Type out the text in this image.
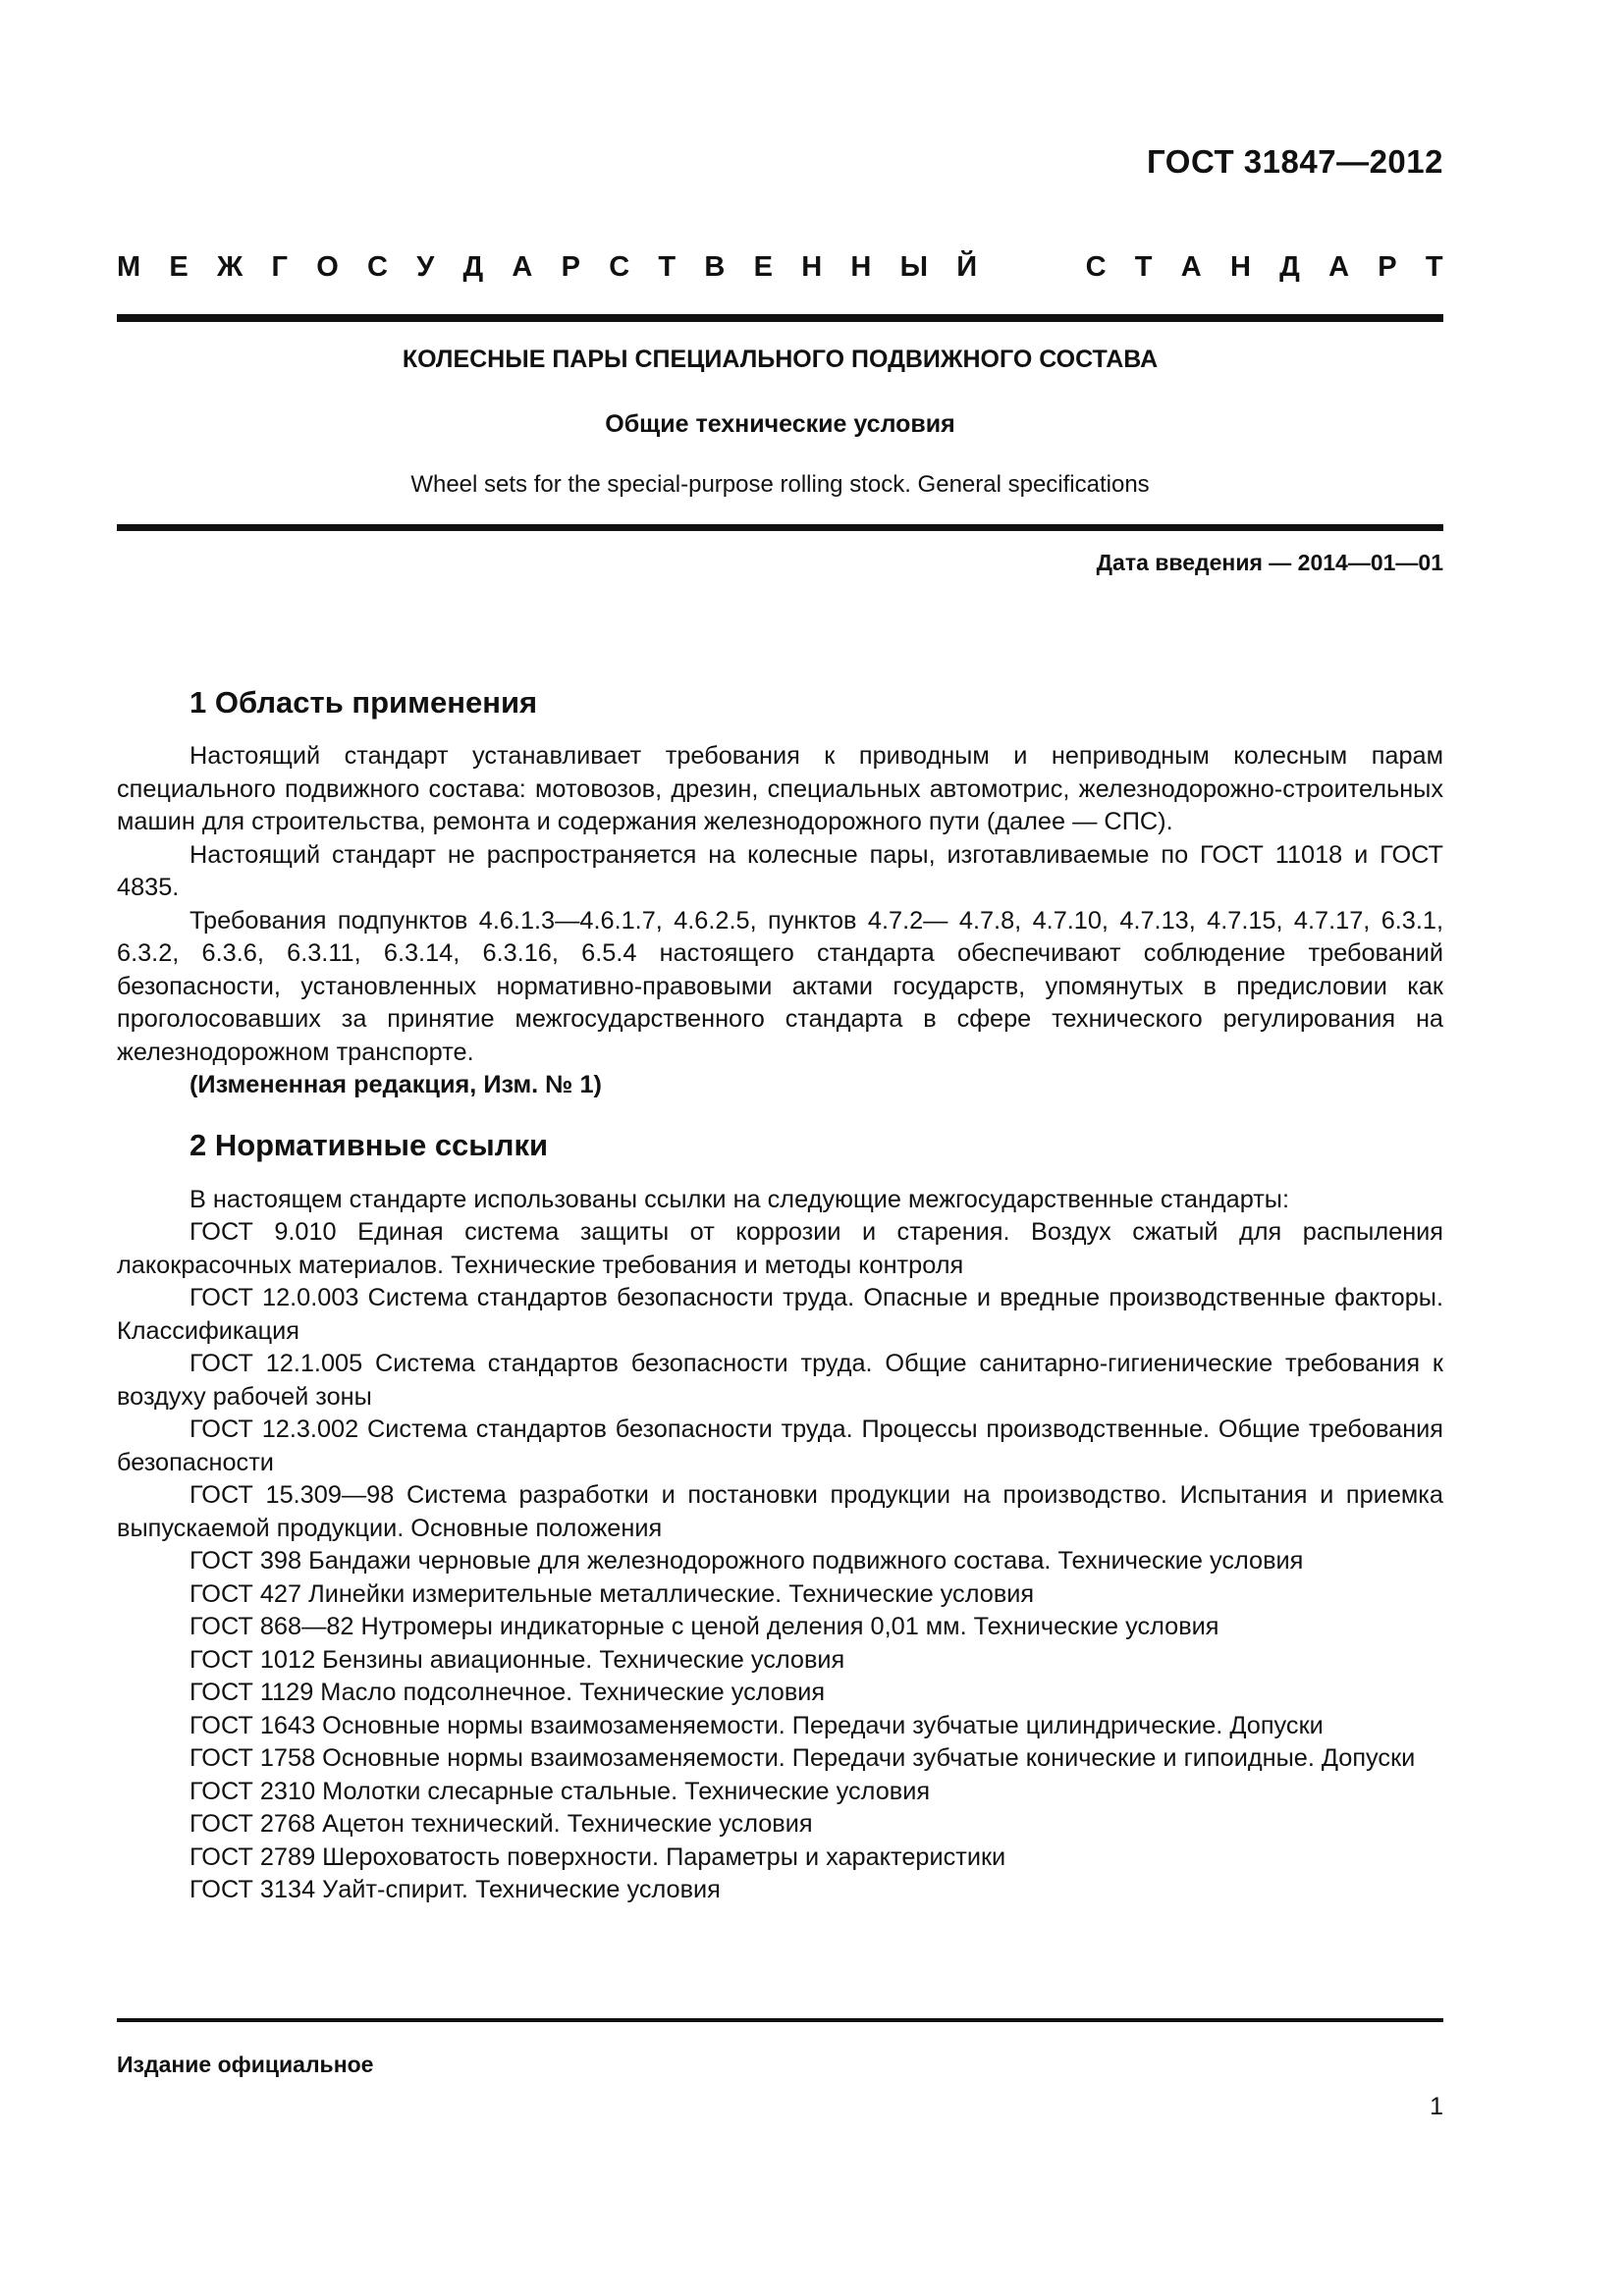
ГОСТ 31847—2012
М Е Ж Г О С У Д А Р С Т В Е Н Н Ы Й	С Т А Н Д А Р Т
КОЛЕСНЫЕ ПАРЫ СПЕЦИАЛЬНОГО ПОДВИЖНОГО СОСТАВА
Общие технические условия
Wheel sets for the special-purpose rolling stock. General specifications
Дата введения — 2014—01—01
1 Область применения

Настоящий стандарт устанавливает требования к приводным и неприводным колесным парам специального подвижного состава: мотовозов, дрезин, специальных автомотрис, железнодорожно-строительных машин для строительства, ремонта и содержания железнодорожного пути (далее — СПС).

Настоящий стандарт не распространяется на колесные пары, изготавливаемые по ГОСТ 11018 и ГОСТ 4835.

Требования подпунктов 4.6.1.3—4.6.1.7, 4.6.2.5, пунктов 4.7.2— 4.7.8, 4.7.10, 4.7.13, 4.7.15, 4.7.17, 6.3.1, 6.3.2, 6.3.6, 6.3.11, 6.3.14, 6.3.16, 6.5.4 настоящего стандарта обеспечивают соблюдение требований безопасности, установленных нормативно-правовыми актами государств, упомянутых в предисловии как проголосовавших за принятие межгосударственного стандарта в сфере технического регулирования на железнодорожном транспорте.

(Измененная редакция, Изм. № 1)

2 Нормативные ссылки

В настоящем стандарте использованы ссылки на следующие межгосударственные стандарты:

ГОСТ 9.010 Единая система защиты от коррозии и старения. Воздух сжатый для распыления лакокрасочных материалов. Технические требования и методы контроля

ГОСТ 12.0.003 Система стандартов безопасности труда. Опасные и вредные производственные факторы. Классификация

ГОСТ 12.1.005 Система стандартов безопасности труда. Общие санитарно-гигиенические требования к воздуху рабочей зоны

ГОСТ 12.3.002 Система стандартов безопасности труда. Процессы производственные. Общие требования безопасности

ГОСТ 15.309—98 Система разработки и постановки продукции на производство. Испытания и приемка выпускаемой продукции. Основные положения

ГОСТ 398 Бандажи черновые для железнодорожного подвижного состава. Технические условия

ГОСТ 427 Линейки измерительные металлические. Технические условия

ГОСТ 868—82 Нутромеры индикаторные с ценой деления 0,01 мм. Технические условия

ГОСТ 1012 Бензины авиационные. Технические условия

ГОСТ 1129 Масло подсолнечное. Технические условия

ГОСТ 1643 Основные нормы взаимозаменяемости. Передачи зубчатые цилиндрические. Допуски

ГОСТ 1758 Основные нормы взаимозаменяемости. Передачи зубчатые конические и гипоидные. Допуски

ГОСТ 2310 Молотки слесарные стальные. Технические условия

ГОСТ 2768 Ацетон технический. Технические условия

ГОСТ 2789 Шероховатость поверхности. Параметры и характеристики

ГОСТ 3134 Уайт-спирит. Технические условия

Издание официальное
1
